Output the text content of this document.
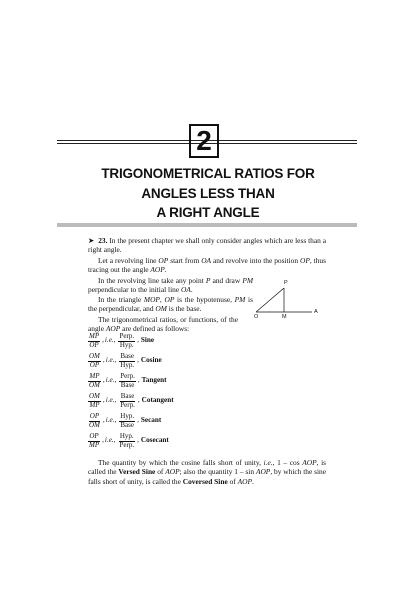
2
TRIGONOMETRICAL RATIOS FOR
ANGLES LESS THAN
A RIGHT ANGLE
➤ 23. In the present chapter we shall only consider angles which are less than a right angle.
Let a revolving line OP start from OA and revolve into the position OP, thus tracing out the angle AOP.
In the revolving line take any point P and draw PM perpendicular to the initial line OA.
In the triangle MOP, OP is the hypotenuse, PM is the perpendicular, and OM is the base.
The trigonometrical ratios, or functions, of the angle AOP are defined as follows:
$\frac{MP}{OP}$ , i.e., $\frac{\text{Perp.}}{\text{Hyp.}}$ , Sine
$\frac{OM}{OP}$ , i.e., $\frac{\text{Base}}{\text{Hyp.}}$ , Cosine
$\frac{MP}{OM}$ , i.e., $\frac{\text{Perp.}}{\text{Base}}$ , Tangent
$\frac{OM}{MP}$ , i.e., $\frac{\text{Base}}{\text{Perp.}}$ , Cotangent
$\frac{OP}{OM}$ , i.e., $\frac{\text{Hyp.}}{\text{Base}}$ , Secant
$\frac{OP}{MP}$ , i.e., $\frac{\text{Hyp.}}{\text{Perp.}}$ , Cosecant
The quantity by which the cosine falls short of unity, i.e., 1 – cos AOP, is called the Versed Sine of AOP; also the quantity 1 – sin AOP, by which the sine falls short of unity, is called the Coversed Sine of AOP.
P
O	M
A
